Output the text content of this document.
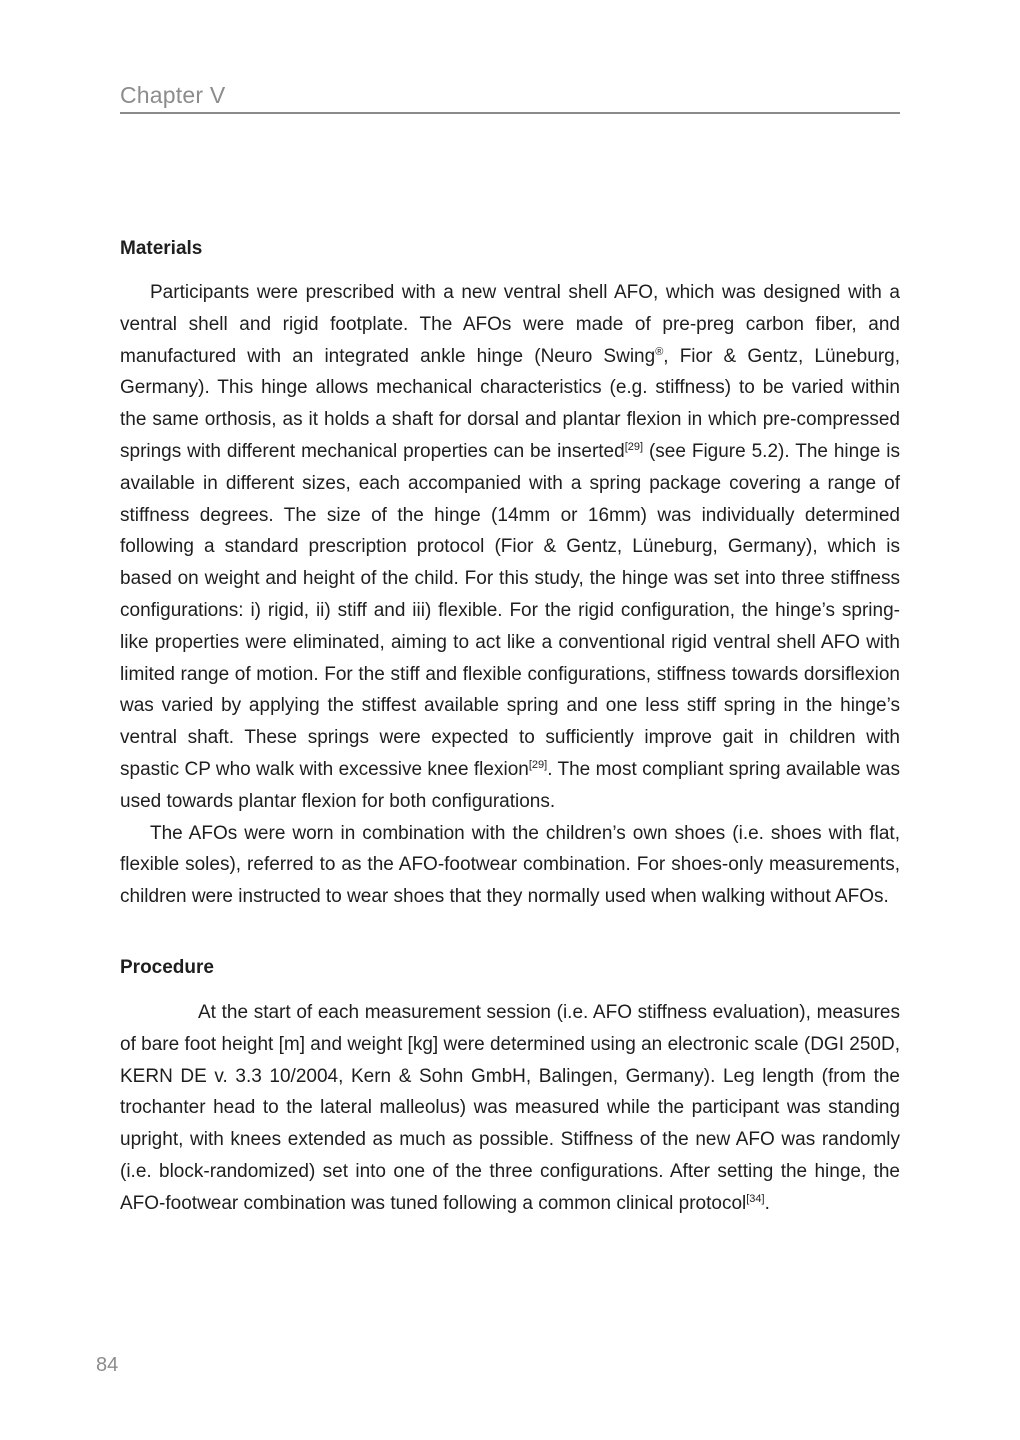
Chapter V
Materials

Participants were prescribed with a new ventral shell AFO, which was designed with a ventral shell and rigid footplate. The AFOs were made of pre-preg carbon fiber, and manufactured with an integrated ankle hinge (Neuro Swing®, Fior & Gentz, Lüneburg, Germany). This hinge allows mechanical characteristics (e.g. stiffness) to be varied within the same orthosis, as it holds a shaft for dorsal and plantar flexion in which pre-compressed springs with different mechanical properties can be inserted[29] (see Figure 5.2). The hinge is available in different sizes, each accompanied with a spring package covering a range of stiffness degrees. The size of the hinge (14mm or 16mm) was individually determined following a standard prescription protocol (Fior & Gentz, Lüneburg, Germany), which is based on weight and height of the child. For this study, the hinge was set into three stiffness configurations: i) rigid, ii) stiff and iii) flexible. For the rigid configuration, the hinge’s spring-like properties were eliminated, aiming to act like a conventional rigid ventral shell AFO with limited range of motion. For the stiff and flexible configurations, stiffness towards dorsiflexion was varied by applying the stiffest available spring and one less stiff spring in the hinge’s ventral shaft. These springs were expected to sufficiently improve gait in children with spastic CP who walk with excessive knee flexion[29]. The most compliant spring available was used towards plantar flexion for both configurations.

The AFOs were worn in combination with the children’s own shoes (i.e. shoes with flat, flexible soles), referred to as the AFO-footwear combination. For shoes-only measurements, children were instructed to wear shoes that they normally used when walking without AFOs.

Procedure

At the start of each measurement session (i.e. AFO stiffness evaluation), measures of bare foot height [m] and weight [kg] were determined using an electronic scale (DGI 250D, KERN DE v. 3.3 10/2004, Kern & Sohn GmbH, Balingen, Germany). Leg length (from the trochanter head to the lateral malleolus) was measured while the participant was standing upright, with knees extended as much as possible. Stiffness of the new AFO was randomly (i.e. block-randomized) set into one of the three configurations. After setting the hinge, the AFO-footwear combination was tuned following a common clinical protocol[34].

84
